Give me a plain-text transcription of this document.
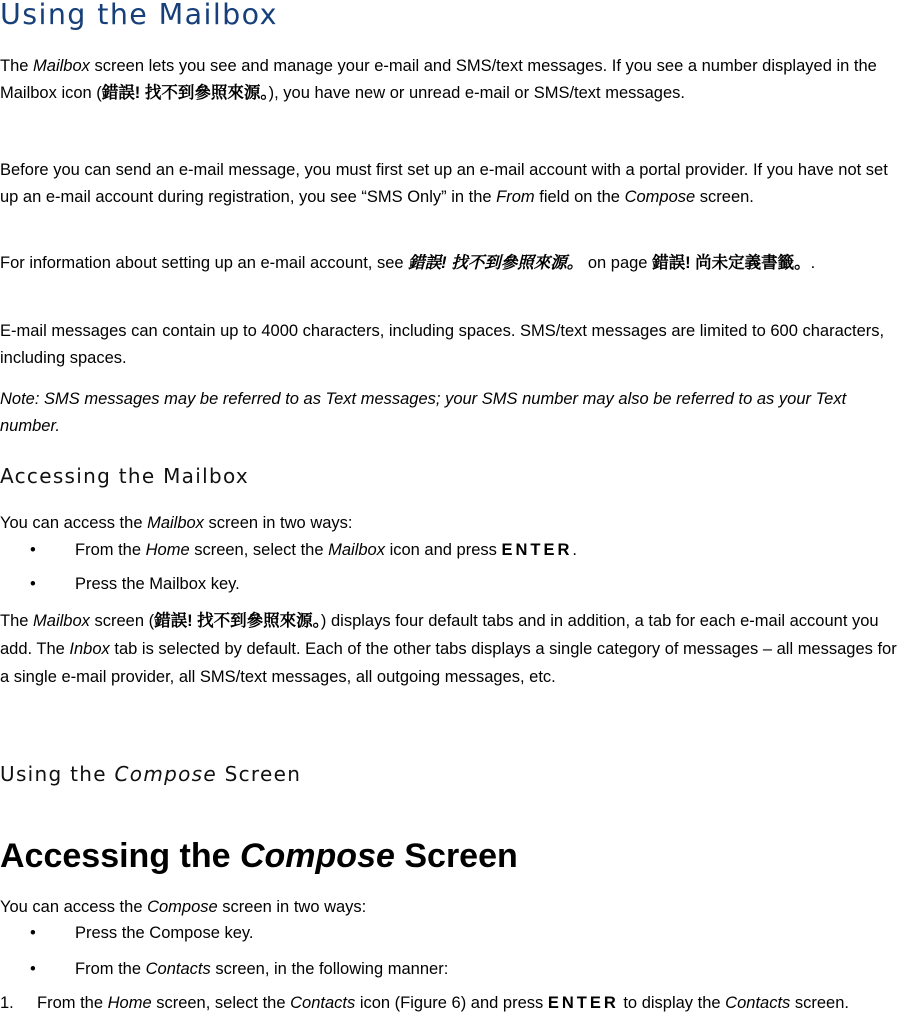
Using the Mailbox

The Mailbox screen lets you see and manage your e-mail and SMS/text messages. If you see a number displayed in the Mailbox icon (錯誤! 找不到參照來源。), you have new or unread e-mail or SMS/text messages.

Before you can send an e-mail message, you must first set up an e-mail account with a portal provider. If you have not set up an e-mail account during registration, you see “SMS Only” in the From field on the Compose screen.

For information about setting up an e-mail account, see 錯誤! 找不到參照來源。 on page 錯誤! 尚未定義書籤。.

E-mail messages can contain up to 4000 characters, including spaces. SMS/text messages are limited to 600 characters, including spaces.

Note: SMS messages may be referred to as Text messages; your SMS number may also be referred to as your Text number.

Accessing the Mailbox

You can access the Mailbox screen in two ways:

• From the Home screen, select the Mailbox icon and press ENTER.
• Press the Mailbox key.

The Mailbox screen (錯誤! 找不到參照來源。) displays four default tabs and in addition, a tab for each e-mail account you add. The Inbox tab is selected by default. Each of the other tabs displays a single category of messages – all messages for a single e-mail provider, all SMS/text messages, all outgoing messages, etc.

Using the Compose Screen
Accessing the Compose Screen

You can access the Compose screen in two ways:

• Press the Compose key.
• From the Contacts screen, in the following manner:
1. From the Home screen, select the Contacts icon (Figure 6) and press ENTER to display the Contacts screen.
